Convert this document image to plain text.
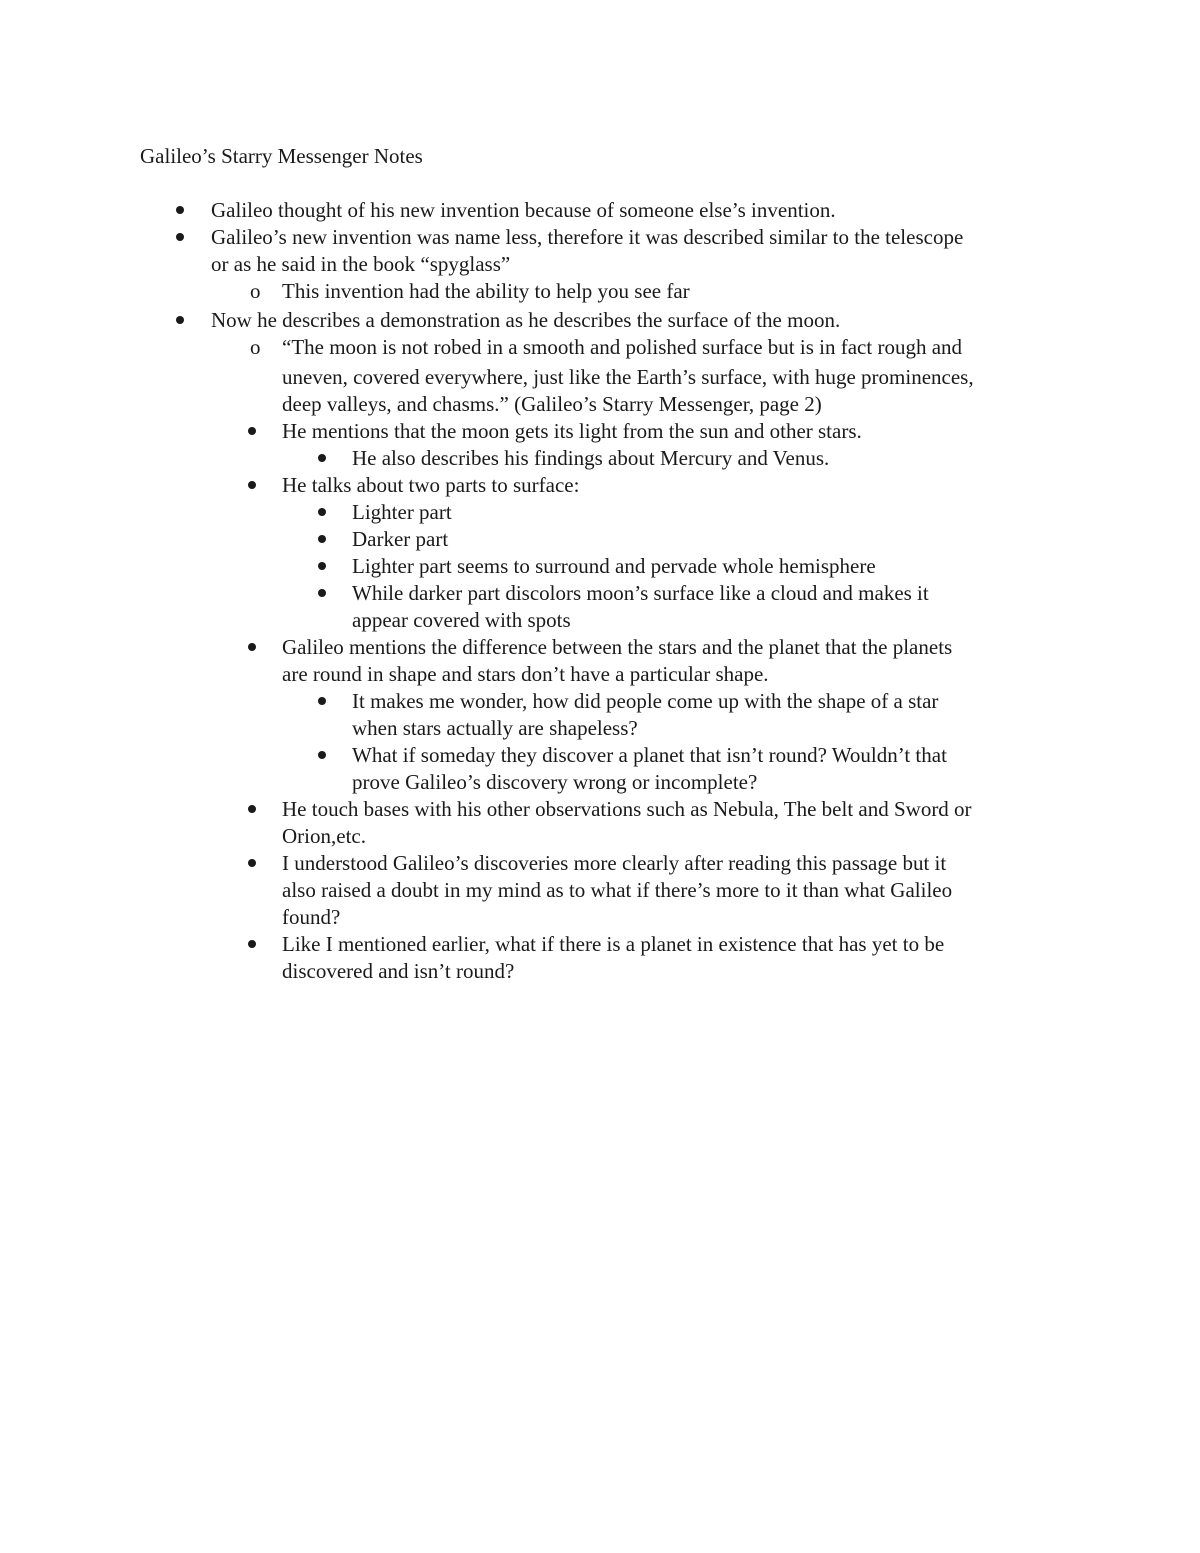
Galileo’s Starry Messenger Notes
Galileo thought of his new invention because of someone else’s invention.
Galileo’s new invention was name less, therefore it was described similar to the telescope
or as he said in the book “spyglass”
o This invention had the ability to help you see far
Now he describes a demonstration as he describes the surface of the moon.
o “The moon is not robed in a smooth and polished surface but is in fact rough and
uneven, covered everywhere, just like the Earth’s surface, with huge prominences,
deep valleys, and chasms.” (Galileo’s Starry Messenger, page 2)
He mentions that the moon gets its light from the sun and other stars.
He also describes his findings about Mercury and Venus.
He talks about two parts to surface:
Lighter part
Darker part
Lighter part seems to surround and pervade whole hemisphere
While darker part discolors moon’s surface like a cloud and makes it
appear covered with spots
Galileo mentions the difference between the stars and the planet that the planets
are round in shape and stars don’t have a particular shape.
It makes me wonder, how did people come up with the shape of a star
when stars actually are shapeless?
What if someday they discover a planet that isn’t round? Wouldn’t that
prove Galileo’s discovery wrong or incomplete?
He touch bases with his other observations such as Nebula, The belt and Sword or
Orion,etc.
I understood Galileo’s discoveries more clearly after reading this passage but it
also raised a doubt in my mind as to what if there’s more to it than what Galileo
found?
Like I mentioned earlier, what if there is a planet in existence that has yet to be
discovered and isn’t round?
